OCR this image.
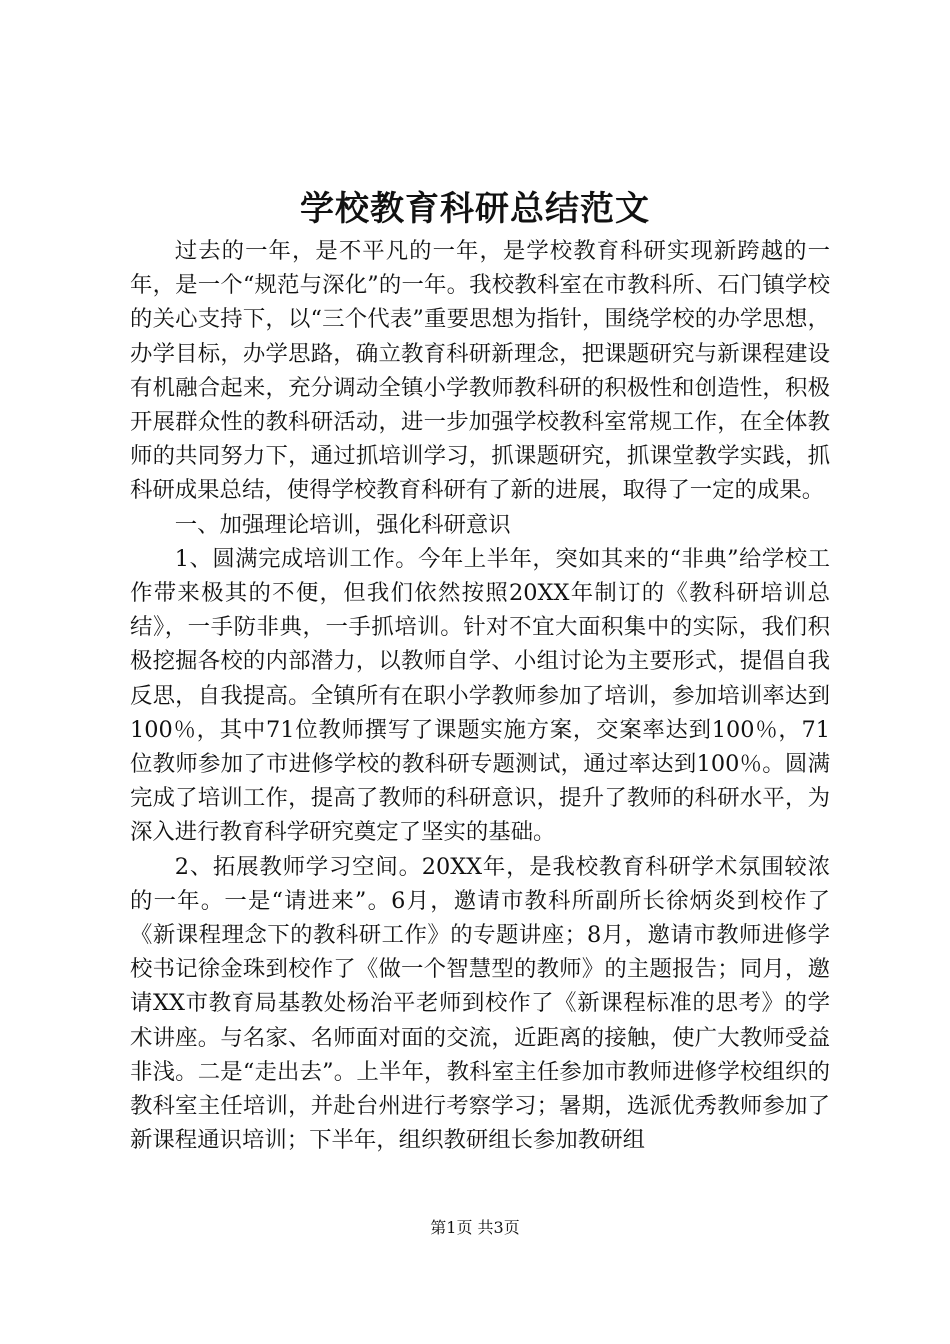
学校教育科研总结范文

过去的一年，是不平凡的一年，是学校教育科研实现新跨越的一年，是一个“规范与深化”的一年。我校教科室在市教科所、石门镇学校的关心支持下，以“三个代表”重要思想为指针，围绕学校的办学思想，办学目标，办学思路，确立教育科研新理念，把课题研究与新课程建设有机融合起来，充分调动全镇小学教师教科研的积极性和创造性，积极开展群众性的教科研活动，进一步加强学校教科室常规工作，在全体教师的共同努力下，通过抓培训学习，抓课题研究，抓课堂教学实践，抓科研成果总结，使得学校教育科研有了新的进展，取得了一定的成果。

一、加强理论培训，强化科研意识

1、圆满完成培训工作。今年上半年，突如其来的“非典”给学校工作带来极其的不便，但我们依然按照20XX年制订的《教科研培训总结》，一手防非典，一手抓培训。针对不宜大面积集中的实际，我们积极挖掘各校的内部潜力，以教师自学、小组讨论为主要形式，提倡自我反思，自我提高。全镇所有在职小学教师参加了培训，参加培训率达到100％，其中71位教师撰写了课题实施方案，交案率达到100％，71位教师参加了市进修学校的教科研专题测试，通过率达到100％。圆满完成了培训工作，提高了教师的科研意识，提升了教师的科研水平，为深入进行教育科学研究奠定了坚实的基础。

2、拓展教师学习空间。20XX年，是我校教育科研学术氛围较浓的一年。一是“请进来”。6月，邀请市教科所副所长徐炳炎到校作了《新课程理念下的教科研工作》的专题讲座；8月，邀请市教师进修学校书记徐金珠到校作了《做一个智慧型的教师》的主题报告；同月，邀请XX市教育局基教处杨治平老师到校作了《新课程标准的思考》的学术讲座。与名家、名师面对面的交流，近距离的接触，使广大教师受益非浅。二是“走出去”。上半年，教科室主任参加市教师进修学校组织的教科室主任培训，并赴台州进行考察学习；暑期，选派优秀教师参加了新课程通识培训；下半年，组织教研组长参加教研组

第1页 共3页
